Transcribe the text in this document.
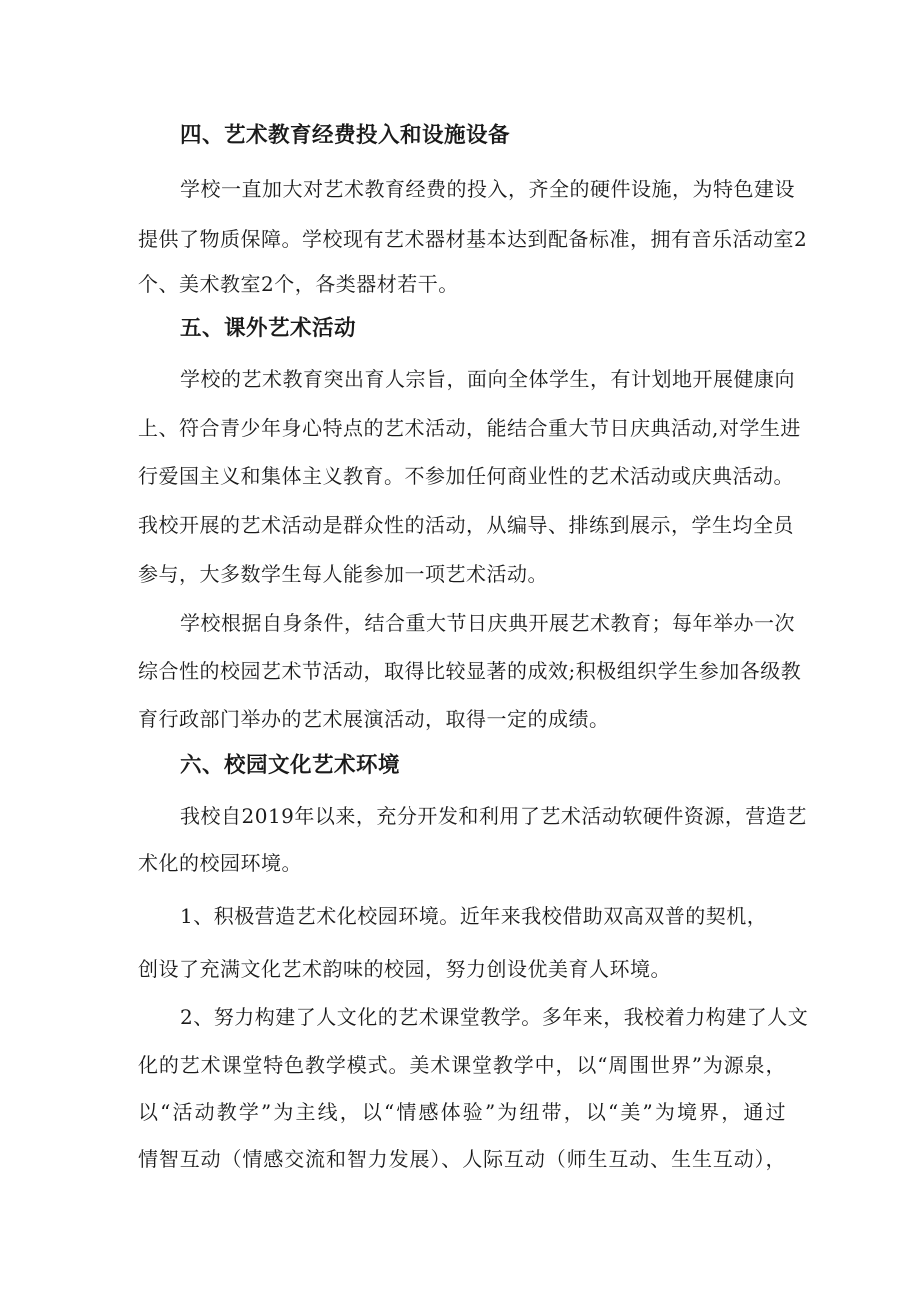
四、艺术教育经费投入和设施设备
学校一直加大对艺术教育经费的投入，齐全的硬件设施，为特色建设
提供了物质保障。学校现有艺术器材基本达到配备标准，拥有音乐活动室2
个、美术教室2个，各类器材若干。
五、课外艺术活动
学校的艺术教育突出育人宗旨，面向全体学生，有计划地开展健康向
上、符合青少年身心特点的艺术活动，能结合重大节日庆典活动,对学生进
行爱国主义和集体主义教育。不参加任何商业性的艺术活动或庆典活动。
我校开展的艺术活动是群众性的活动，从编导、排练到展示，学生均全员
参与，大多数学生每人能参加一项艺术活动。
学校根据自身条件，结合重大节日庆典开展艺术教育；每年举办一次
综合性的校园艺术节活动，取得比较显著的成效;积极组织学生参加各级教
育行政部门举办的艺术展演活动，取得一定的成绩。
六、校园文化艺术环境
我校自2019年以来，充分开发和利用了艺术活动软硬件资源，营造艺
术化的校园环境。
1、积极营造艺术化校园环境。近年来我校借助双高双普的契机，
创设了充满文化艺术韵味的校园，努力创设优美育人环境。
2、努力构建了人文化的艺术课堂教学。多年来，我校着力构建了人文
化的艺术课堂特色教学模式。美术课堂教学中，以“周围世界”为源泉，
以“活动教学”为主线，以“情感体验”为纽带，以“美”为境界，通过
情智互动（情感交流和智力发展）、人际互动（师生互动、生生互动），
